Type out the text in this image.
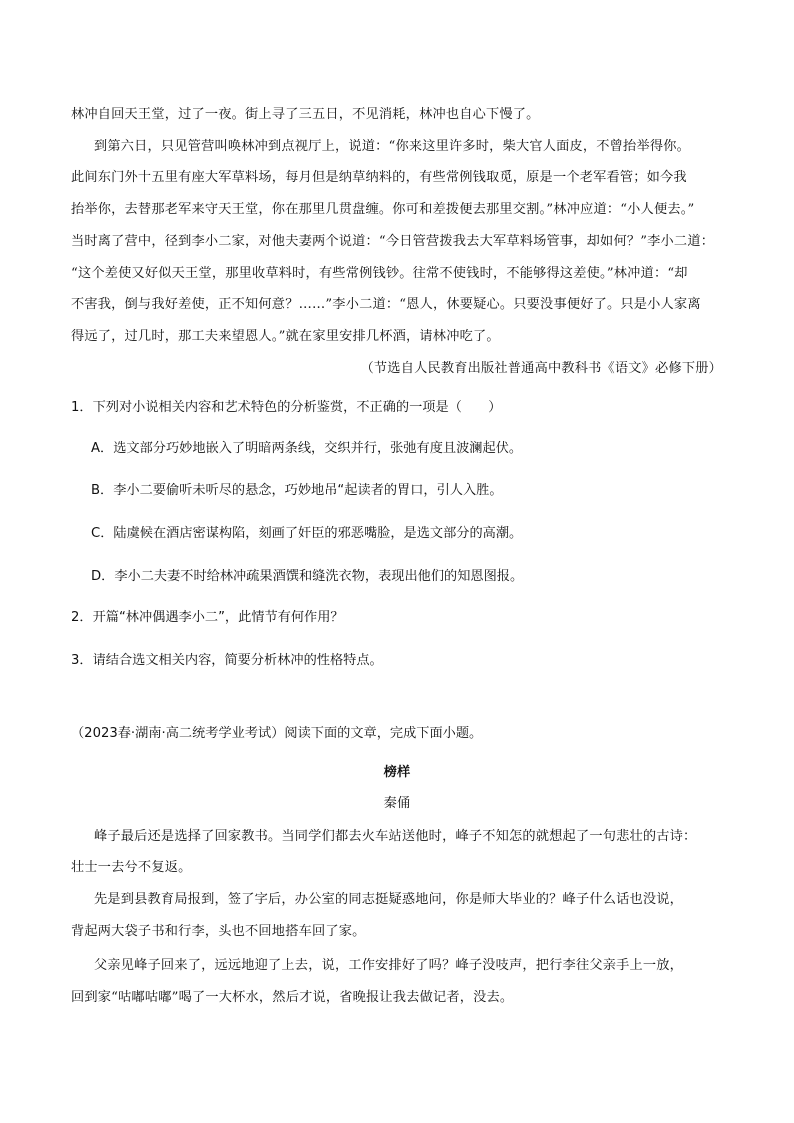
林冲自回天王堂，过了一夜。街上寻了三五日，不见消耗，林冲也自心下慢了。
到第六日，只见管营叫唤林冲到点视厅上，说道：“你来这里许多时，柴大官人面皮，不曾抬举得你。
此间东门外十五里有座大军草料场，每月但是纳草纳料的，有些常例钱取觅，原是一个老军看管；如今我
抬举你，去替那老军来守天王堂，你在那里几贯盘缠。你可和差拨便去那里交割。”林冲应道：“小人便去。”
当时离了营中，径到李小二家，对他夫妻两个说道：“今日管营拨我去大军草料场管事，却如何？”李小二道：
“这个差使又好似天王堂，那里收草料时，有些常例钱钞。往常不使钱时，不能够得这差使。”林冲道：“却
不害我，倒与我好差使，正不知何意？……”李小二道：“恩人，休要疑心。只要没事便好了。只是小人家离
得远了，过几时，那工夫来望恩人。”就在家里安排几杯酒，请林冲吃了。
（节选自人民教育出版社普通高中教科书《语文》必修下册）
1．下列对小说相关内容和艺术特色的分析鉴赏，不正确的一项是（　　）
A．选文部分巧妙地嵌入了明暗两条线，交织并行，张弛有度且波澜起伏。
B．李小二要偷听未听尽的悬念，巧妙地吊“起读者的胃口，引人入胜。
C．陆虞候在酒店密谋构陷，刻画了奸臣的邪恶嘴脸，是选文部分的高潮。
D．李小二夫妻不时给林冲疏果酒馔和缝洗衣物，表现出他们的知恩图报。
2．开篇“林冲偶遇李小二”，此情节有何作用？
3．请结合选文相关内容，简要分析林冲的性格特点。
（2023春·湖南·高二统考学业考试）阅读下面的文章，完成下面小题。
榜样
秦俑
峰子最后还是选择了回家教书。当同学们都去火车站送他时，峰子不知怎的就想起了一句悲壮的古诗：
壮士一去兮不复返。
先是到县教育局报到，签了字后，办公室的同志挺疑惑地问，你是师大毕业的？峰子什么话也没说，
背起两大袋子书和行李，头也不回地搭车回了家。
父亲见峰子回来了，远远地迎了上去，说，工作安排好了吗？峰子没吱声，把行李往父亲手上一放，
回到家“咕嘟咕嘟”喝了一大杯水，然后才说，省晚报让我去做记者，没去。
